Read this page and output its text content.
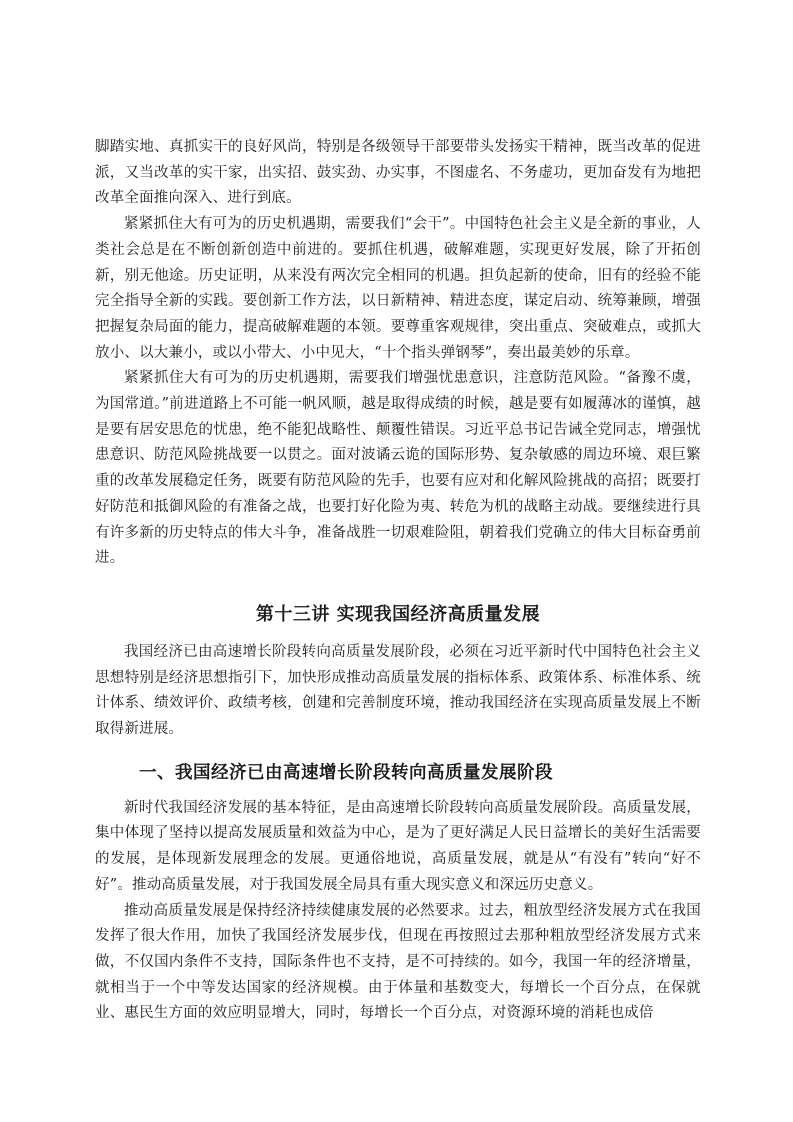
脚踏实地、真抓实干的良好风尚，特别是各级领导干部要带头发扬实干精神，既当改革的促进派，又当改革的实干家，出实招、鼓实劲、办实事，不图虚名、不务虚功，更加奋发有为地把改革全面推向深入、进行到底。

紧紧抓住大有可为的历史机遇期，需要我们“会干”。中国特色社会主义是全新的事业，人类社会总是在不断创新创造中前进的。要抓住机遇，破解难题，实现更好发展，除了开拓创新，别无他途。历史证明，从来没有两次完全相同的机遇。担负起新的使命，旧有的经验不能完全指导全新的实践。要创新工作方法，以日新精神、精进态度，谋定启动、统筹兼顾，增强把握复杂局面的能力，提高破解难题的本领。要尊重客观规律，突出重点、突破难点，或抓大放小、以大兼小，或以小带大、小中见大，“十个指头弹钢琴”，奏出最美妙的乐章。

紧紧抓住大有可为的历史机遇期，需要我们增强忧患意识，注意防范风险。“备豫不虞，为国常道。”前进道路上不可能一帆风顺，越是取得成绩的时候，越是要有如履薄冰的谨慎，越是要有居安思危的忧患，绝不能犯战略性、颠覆性错误。习近平总书记告诫全党同志，增强忧患意识、防范风险挑战要一以贯之。面对波谲云诡的国际形势、复杂敏感的周边环境、艰巨繁重的改革发展稳定任务，既要有防范风险的先手，也要有应对和化解风险挑战的高招；既要打好防范和抵御风险的有准备之战，也要打好化险为夷、转危为机的战略主动战。要继续进行具有许多新的历史特点的伟大斗争，准备战胜一切艰难险阻，朝着我们党确立的伟大目标奋勇前进。

第十三讲 实现我国经济高质量发展

我国经济已由高速增长阶段转向高质量发展阶段，必须在习近平新时代中国特色社会主义思想特别是经济思想指引下，加快形成推动高质量发展的指标体系、政策体系、标准体系、统计体系、绩效评价、政绩考核，创建和完善制度环境，推动我国经济在实现高质量发展上不断取得新进展。

一、我国经济已由高速增长阶段转向高质量发展阶段

新时代我国经济发展的基本特征，是由高速增长阶段转向高质量发展阶段。高质量发展，集中体现了坚持以提高发展质量和效益为中心，是为了更好满足人民日益增长的美好生活需要的发展，是体现新发展理念的发展。更通俗地说，高质量发展，就是从“有没有”转向“好不好”。推动高质量发展，对于我国发展全局具有重大现实意义和深远历史意义。

推动高质量发展是保持经济持续健康发展的必然要求。过去，粗放型经济发展方式在我国发挥了很大作用，加快了我国经济发展步伐，但现在再按照过去那种粗放型经济发展方式来做，不仅国内条件不支持，国际条件也不支持，是不可持续的。如今，我国一年的经济增量，就相当于一个中等发达国家的经济规模。由于体量和基数变大，每增长一个百分点，在保就业、惠民生方面的效应明显增大，同时，每增长一个百分点，对资源环境的消耗也成倍
